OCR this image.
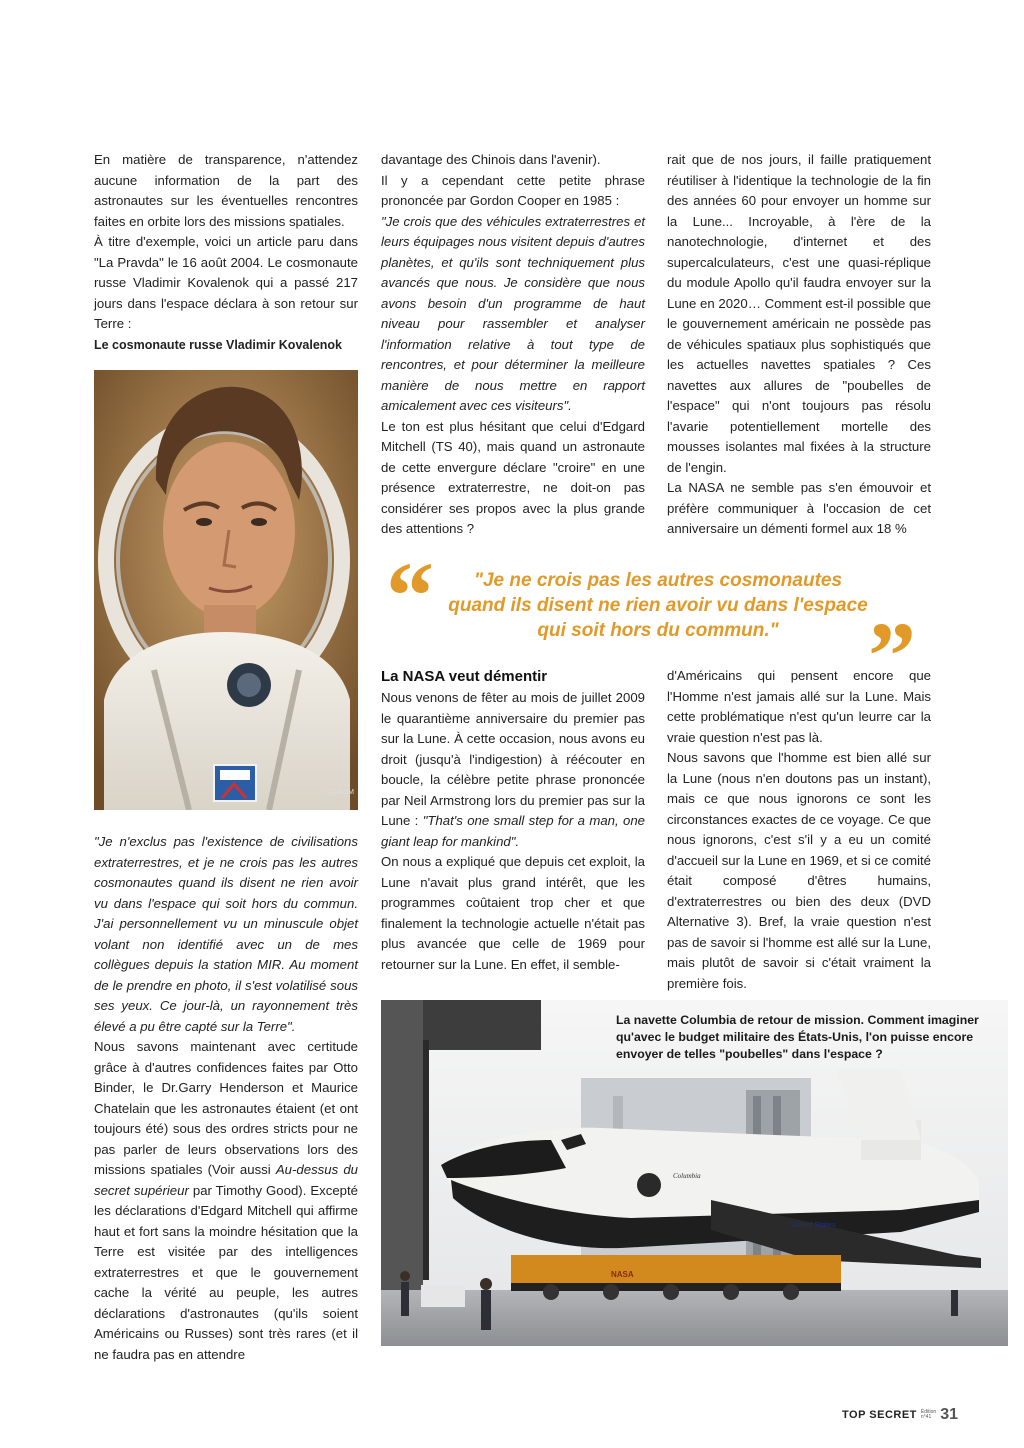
En matière de transparence, n'attendez aucune information de la part des astronautes sur les éventuelles rencontres faites en orbite lors des missions spatiales.

À titre d'exemple, voici un article paru dans "La Pravda" le 16 août 2004. Le cosmonaute russe Vladimir Kovalenok qui a passé 217 jours dans l'espace déclara à son retour sur Terre :

Le cosmonaute russe Vladimir Kovalenok

CO.NSM

"Je n'exclus pas l'existence de civilisations extraterrestres, et je ne crois pas les autres cosmonautes quand ils disent ne rien avoir vu dans l'espace qui soit hors du commun. J'ai personnellement vu un minuscule objet volant non identifié avec un de mes collègues depuis la station MIR. Au moment de le prendre en photo, il s'est volatilisé sous ses yeux. Ce jour-là, un rayonnement très élevé a pu être capté sur la Terre".

Nous savons maintenant avec certitude grâce à d'autres confidences faites par Otto Binder, le Dr.Garry Henderson et Maurice Chatelain que les astronautes étaient (et ont toujours été) sous des ordres stricts pour ne pas parler de leurs observations lors des missions spatiales (Voir aussi Au-dessus du secret supérieur par Timothy Good). Excepté les déclarations d'Edgard Mitchell qui affirme haut et fort sans la moindre hésitation que la Terre est visitée par des intelligences extraterrestres et que le gouvernement cache la vérité au peuple, les autres déclarations d'astronautes (qu'ils soient Américains ou Russes) sont très rares (et il ne faudra pas en attendre

davantage des Chinois dans l'avenir).

Il y a cependant cette petite phrase prononcée par Gordon Cooper en 1985 :

"Je crois que des véhicules extraterrestres et leurs équipages nous visitent depuis d'autres planètes, et qu'ils sont techniquement plus avancés que nous. Je considère que nous avons besoin d'un programme de haut niveau pour rassembler et analyser l'information relative à tout type de rencontres, et pour déterminer la meilleure manière de nous mettre en rapport amicalement avec ces visiteurs".

Le ton est plus hésitant que celui d'Edgard Mitchell (TS 40), mais quand un astronaute de cette envergure déclare "croire" en une présence extraterrestre, ne doit-on pas considérer ses propos avec la plus grande des attentions ?

rait que de nos jours, il faille pratiquement réutiliser à l'identique la technologie de la fin des années 60 pour envoyer un homme sur la Lune... Incroyable, à l'ère de la nanotechnologie, d'internet et des supercalculateurs, c'est une quasi-réplique du module Apollo qu'il faudra envoyer sur la Lune en 2020… Comment est-il possible que le gouvernement américain ne possède pas de véhicules spatiaux plus sophistiqués que les actuelles navettes spatiales ? Ces navettes aux allures de "poubelles de l'espace" qui n'ont toujours pas résolu l'avarie potentiellement mortelle des mousses isolantes mal fixées à la structure de l'engin.

La NASA ne semble pas s'en émouvoir et préfère communiquer à l'occasion de cet anniversaire un démenti formel aux 18 %

“	"Je ne crois pas les autres cosmonautes quand ils disent ne rien avoir vu dans l'espace qui soit hors du commun." ”

La NASA veut démentir

Nous venons de fêter au mois de juillet 2009 le quarantième anniversaire du premier pas sur la Lune. À cette occasion, nous avons eu droit (jusqu'à l'indigestion) à réécouter en boucle, la célèbre petite phrase prononcée par Neil Armstrong lors du premier pas sur la Lune : "That's one small step for a man, one giant leap for mankind".

On nous a expliqué que depuis cet exploit, la Lune n'avait plus grand intérêt, que les programmes coûtaient trop cher et que finalement la technologie actuelle n'était pas plus avancée que celle de 1969 pour retourner sur la Lune. En effet, il semble-

d'Américains qui pensent encore que l'Homme n'est jamais allé sur la Lune. Mais cette problématique n'est qu'un leurre car la vraie question n'est pas là.

Nous savons que l'homme est bien allé sur la Lune (nous n'en doutons pas un instant), mais ce que nous ignorons ce sont les circonstances exactes de ce voyage. Ce que nous ignorons, c'est s'il y a eu un comité d'accueil sur la Lune en 1969, et si ce comité était composé d'êtres humains, d'extraterrestres ou bien des deux (DVD Alternative 3). Bref, la vraie question n'est pas de savoir si l'homme est allé sur la Lune, mais plutôt de savoir si c'était vraiment la première fois.

Columbia
United States
NASA
La navette Columbia de retour de mission. Comment imaginer qu'avec le budget militaire des États-Unis, l'on puisse encore envoyer de telles "poubelles" dans l'espace ?
TOP SECRET Édition
n°41 31
